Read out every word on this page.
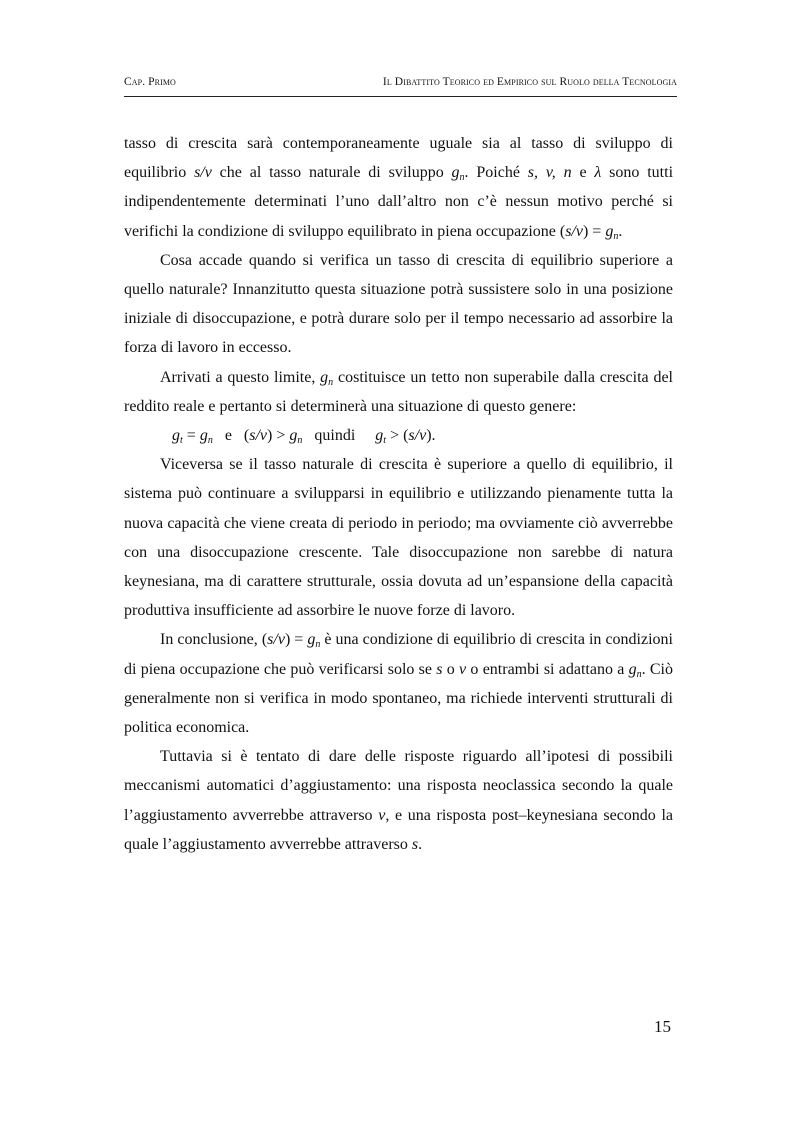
Cap. Primo	Il Dibattito Teorico ed Empirico sul Ruolo della Tecnologia

tasso di crescita sarà contemporaneamente uguale sia al tasso di sviluppo di equilibrio s/v che al tasso naturale di sviluppo $g_n$. Poiché s, v, n e λ sono tutti indipendentemente determinati l’uno dall’altro non c’è nessun motivo perché si verifichi la condizione di sviluppo equilibrato in piena occupazione $(s/v) = g_n$.

Cosa accade quando si verifica un tasso di crescita di equilibrio superiore a quello naturale? Innanzitutto questa situazione potrà sussistere solo in una posizione iniziale di disoccupazione, e potrà durare solo per il tempo necessario ad assorbire la forza di lavoro in eccesso.

Arrivati a questo limite, $g_n$ costituisce un tetto non superabile dalla crescita del reddito reale e pertanto si determinerà una situazione di questo genere:

$g_t = g_n$   e   $(s/v) > g_n$   quindi     $g_t > (s/v)$.

Viceversa se il tasso naturale di crescita è superiore a quello di equilibrio, il sistema può continuare a svilupparsi in equilibrio e utilizzando pienamente tutta la nuova capacità che viene creata di periodo in periodo; ma ovviamente ciò avverrebbe con una disoccupazione crescente. Tale disoccupazione non sarebbe di natura keynesiana, ma di carattere strutturale, ossia dovuta ad un’espansione della capacità produttiva insufficiente ad assorbire le nuove forze di lavoro.

In conclusione, $(s/v) = g_n$ è una condizione di equilibrio di crescita in condizioni di piena occupazione che può verificarsi solo se s o v o entrambi si adattano a $g_n$. Ciò generalmente non si verifica in modo spontaneo, ma richiede interventi strutturali di politica economica.

Tuttavia si è tentato di dare delle risposte riguardo all’ipotesi di possibili meccanismi automatici d’aggiustamento: una risposta neoclassica secondo la quale l’aggiustamento avverrebbe attraverso v, e una risposta post–keynesiana secondo la quale l’aggiustamento avverrebbe attraverso s.

15
